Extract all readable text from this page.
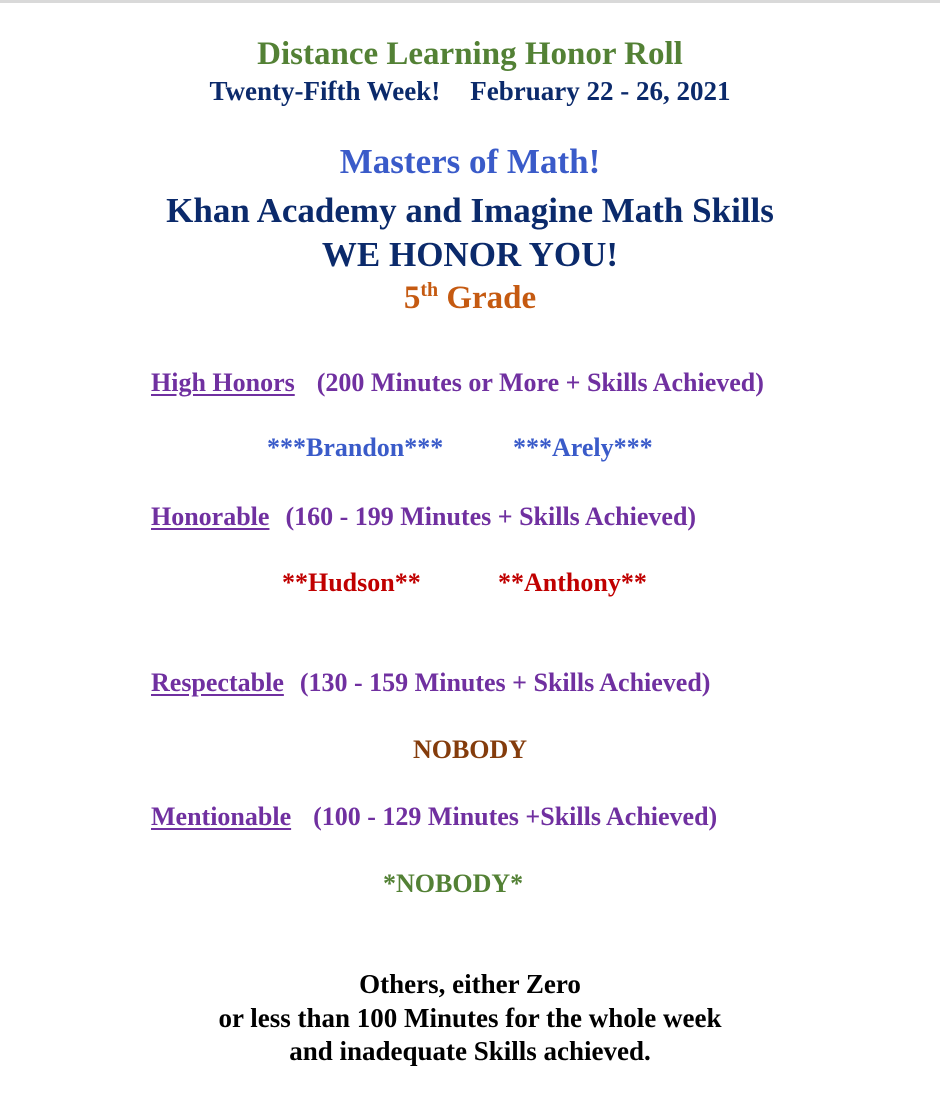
Distance Learning Honor Roll
Twenty-Fifth Week! February 22 - 26, 2021
Masters of Math!
Khan Academy and Imagine Math Skills
WE HONOR YOU!
5th Grade
High Honors (200 Minutes or More + Skills Achieved)
***Brandon***	***Arely***
Honorable (160 - 199 Minutes + Skills Achieved)
**Hudson**	**Anthony**
Respectable (130 - 159 Minutes + Skills Achieved)
NOBODY
Mentionable (100 - 129 Minutes +Skills Achieved)
*NOBODY*
Others, either Zero
or less than 100 Minutes for the whole week
and inadequate Skills achieved.
